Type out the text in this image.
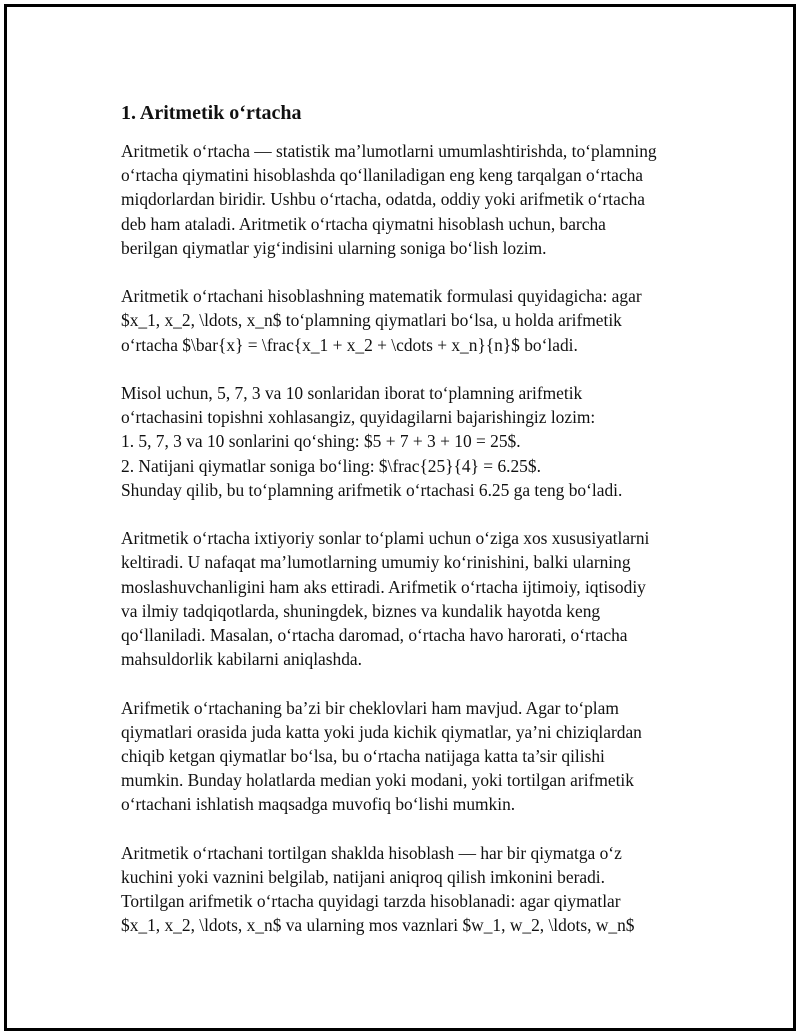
1. Aritmetik o‘rtacha
Aritmetik o‘rtacha — statistik ma’lumotlarni umumlashtirishda, to‘plamning
o‘rtacha qiymatini hisoblashda qo‘llaniladigan eng keng tarqalgan o‘rtacha
miqdorlardan biridir. Ushbu o‘rtacha, odatda, oddiy yoki arifmetik o‘rtacha
deb ham ataladi. Aritmetik o‘rtacha qiymatni hisoblash uchun, barcha
berilgan qiymatlar yig‘indisini ularning soniga bo‘lish lozim.
Aritmetik o‘rtachani hisoblashning matematik formulasi quyidagicha: agar
$x_1, x_2, \ldots, x_n$ to‘plamning qiymatlari bo‘lsa, u holda arifmetik
o‘rtacha $\bar{x} = \frac{x_1 + x_2 + \cdots + x_n}{n}$ bo‘ladi.
Misol uchun, 5, 7, 3 va 10 sonlaridan iborat to‘plamning arifmetik
o‘rtachasini topishni xohlasangiz, quyidagilarni bajarishingiz lozim:
1. 5, 7, 3 va 10 sonlarini qo‘shing: $5 + 7 + 3 + 10 = 25$.
2. Natijani qiymatlar soniga bo‘ling: $\frac{25}{4} = 6.25$.
Shunday qilib, bu to‘plamning arifmetik o‘rtachasi 6.25 ga teng bo‘ladi.
Aritmetik o‘rtacha ixtiyoriy sonlar to‘plami uchun o‘ziga xos xususiyatlarni
keltiradi. U nafaqat ma’lumotlarning umumiy ko‘rinishini, balki ularning
moslashuvchanligini ham aks ettiradi. Arifmetik o‘rtacha ijtimoiy, iqtisodiy
va ilmiy tadqiqotlarda, shuningdek, biznes va kundalik hayotda keng
qo‘llaniladi. Masalan, o‘rtacha daromad, o‘rtacha havo harorati, o‘rtacha
mahsuldorlik kabilarni aniqlashda.
Arifmetik o‘rtachaning ba’zi bir cheklovlari ham mavjud. Agar to‘plam
qiymatlari orasida juda katta yoki juda kichik qiymatlar, ya’ni chiziqlardan
chiqib ketgan qiymatlar bo‘lsa, bu o‘rtacha natijaga katta ta’sir qilishi
mumkin. Bunday holatlarda median yoki modani, yoki tortilgan arifmetik
o‘rtachani ishlatish maqsadga muvofiq bo‘lishi mumkin.
Aritmetik o‘rtachani tortilgan shaklda hisoblash — har bir qiymatga o‘z
kuchini yoki vaznini belgilab, natijani aniqroq qilish imkonini beradi.
Tortilgan arifmetik o‘rtacha quyidagi tarzda hisoblanadi: agar qiymatlar
$x_1, x_2, \ldots, x_n$ va ularning mos vaznlari $w_1, w_2, \ldots, w_n$
